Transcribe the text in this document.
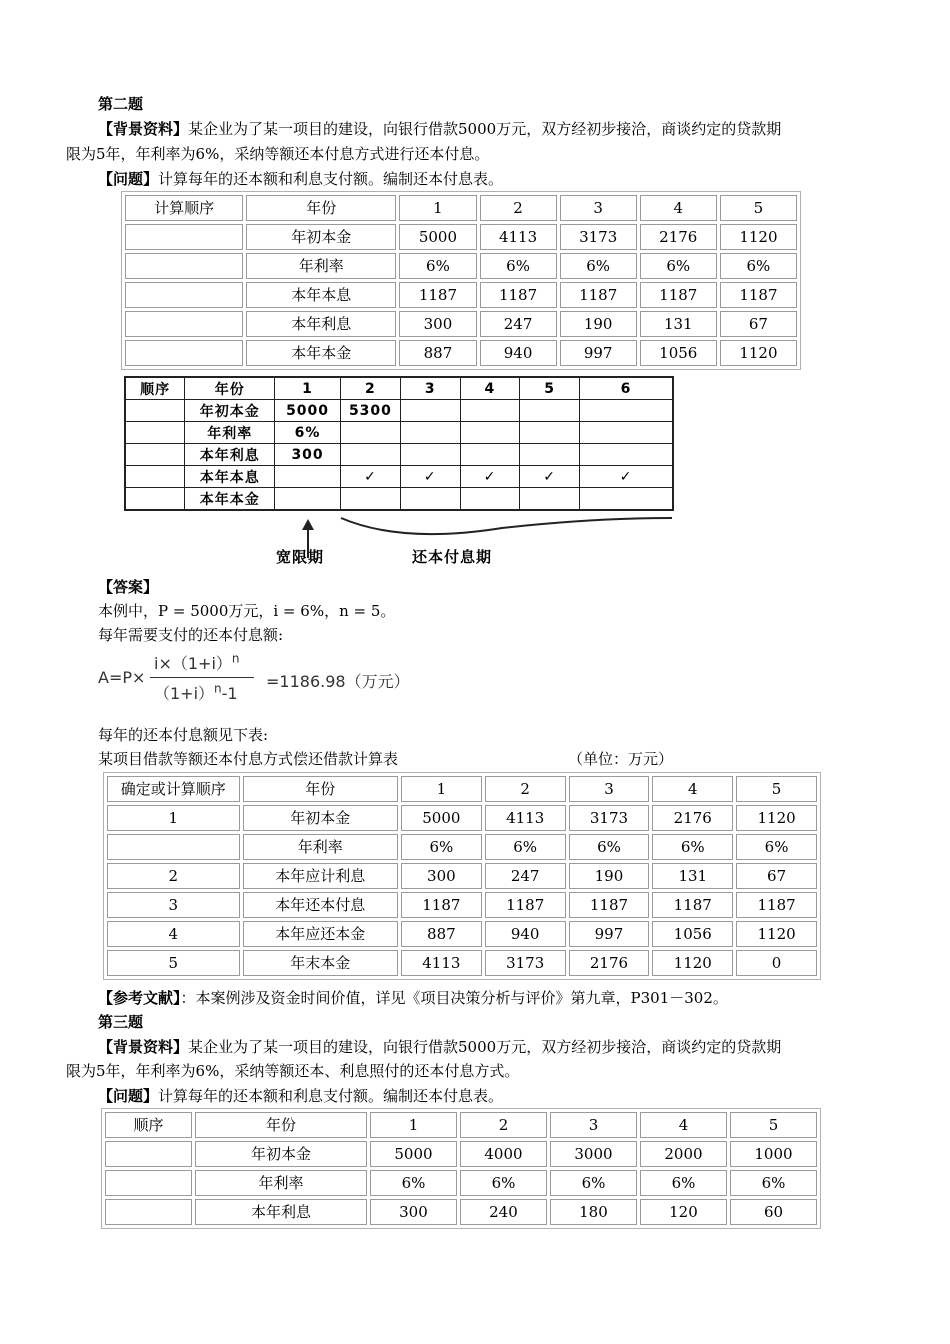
第二题
【背景资料】某企业为了某一项目的建设，向银行借款5000万元，双方经初步接洽，商谈约定的贷款期
限为5年，年利率为6%，采纳等额还本付息方式进行还本付息。
【问题】计算每年的还本额和利息支付额。编制还本付息表。
计算顺序	年份	1	2	3	4	5
	年初本金	5000	4113	3173	2176	1120
	年利率	6%	6%	6%	6%	6%
	本年本息	1187	1187	1187	1187	1187
	本年利息	300	247	190	131	67
	本年本金	887	940	997	1056	1120
顺序	年份	1	2	3	4	5	6
	年初本金	5000	5300				
	年利率	6%					
	本年利息	300					
	本年本息		✓	✓	✓	✓	✓
	本年本金						
宽限期	还本付息期
【答案】
本例中，P = 5000万元，i = 6%，n = 5。
每年需要支付的还本付息额:
A=P×
$i\times(1+i)^n$
$(1+i)^n-1$
=1186.98（万元）
每年的还本付息额见下表:
某项目借款等额还本付息方式偿还借款计算表	（单位：万元）
确定或计算顺序	年份	1	2	3	4	5
1	年初本金	5000	4113	3173	2176	1120
	年利率	6%	6%	6%	6%	6%
2	本年应计利息	300	247	190	131	67
3	本年还本付息	1187	1187	1187	1187	1187
4	本年应还本金	887	940	997	1056	1120
5	年末本金	4113	3173	2176	1120	0
【参考文献】：本案例涉及资金时间价值，详见《项目决策分析与评价》第九章，P301－302。
第三题
【背景资料】某企业为了某一项目的建设，向银行借款5000万元，双方经初步接洽，商谈约定的贷款期
限为5年，年利率为6%，采纳等额还本、利息照付的还本付息方式。
【问题】计算每年的还本额和利息支付额。编制还本付息表。
顺序	年份	1	2	3	4	5
	年初本金	5000	4000	3000	2000	1000
	年利率	6%	6%	6%	6%	6%
	本年利息	300	240	180	120	60
